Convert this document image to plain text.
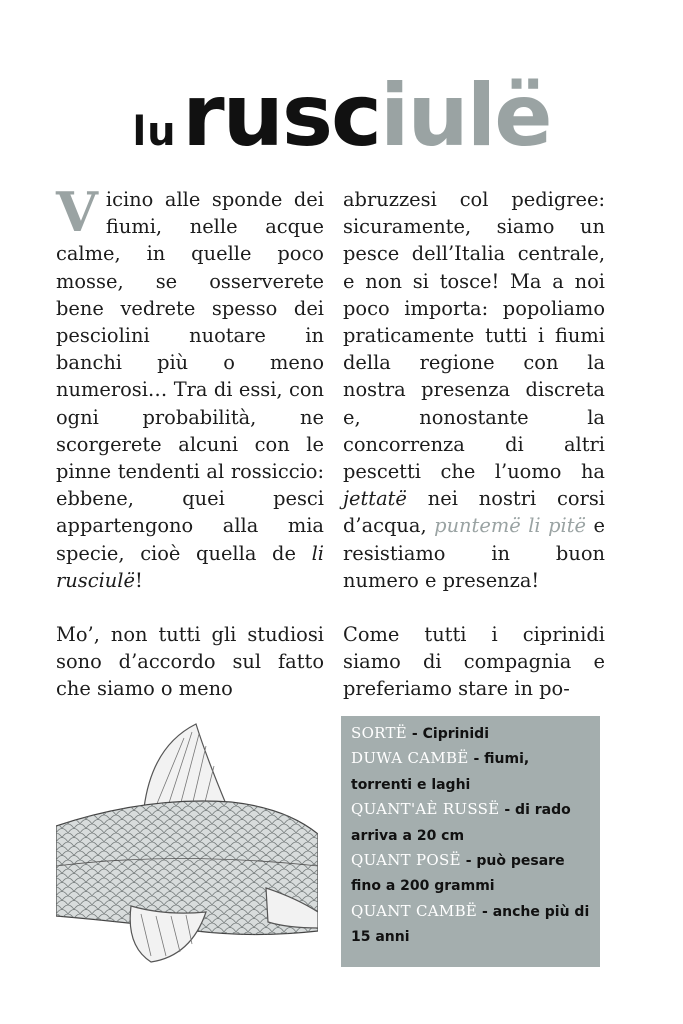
lu rusciulë

Vicino alle sponde dei fiumi, nelle acque calme, in quelle poco mosse, se osserverete bene vedrete spesso dei pesciolini nuotare in banchi più o meno numerosi… Tra di essi, con ogni probabilità, ne scorgerete alcuni con le pinne tendenti al rossiccio: ebbene, quei pesci appartengono alla mia specie, cioè quella de li rusciulë!

Mo’, non tutti gli studiosi sono d’accordo sul fatto che siamo o meno

abruzzesi col pedigree: sicuramente, siamo un pesce dell’Italia centrale, e non si tosce! Ma a noi poco importa: popoliamo praticamente tutti i fiumi della regione con la nostra presenza discreta e, nonostante la concorrenza di altri pescetti che l’uomo ha jettatë nei nostri corsi d’acqua, puntemë li pitë e resistiamo in buon numero e presenza!

Come tutti i ciprinidi siamo di compagnia e preferiamo stare in po-

SORTË - Ciprinidi
DUWA CAMBË - fiumi, torrenti e laghi
QUANT'AÈ RUSSË - di rado arriva a 20 cm
QUANT POSË - può pesare fino a 200 grammi
QUANT CAMBË - anche più di 15 anni
